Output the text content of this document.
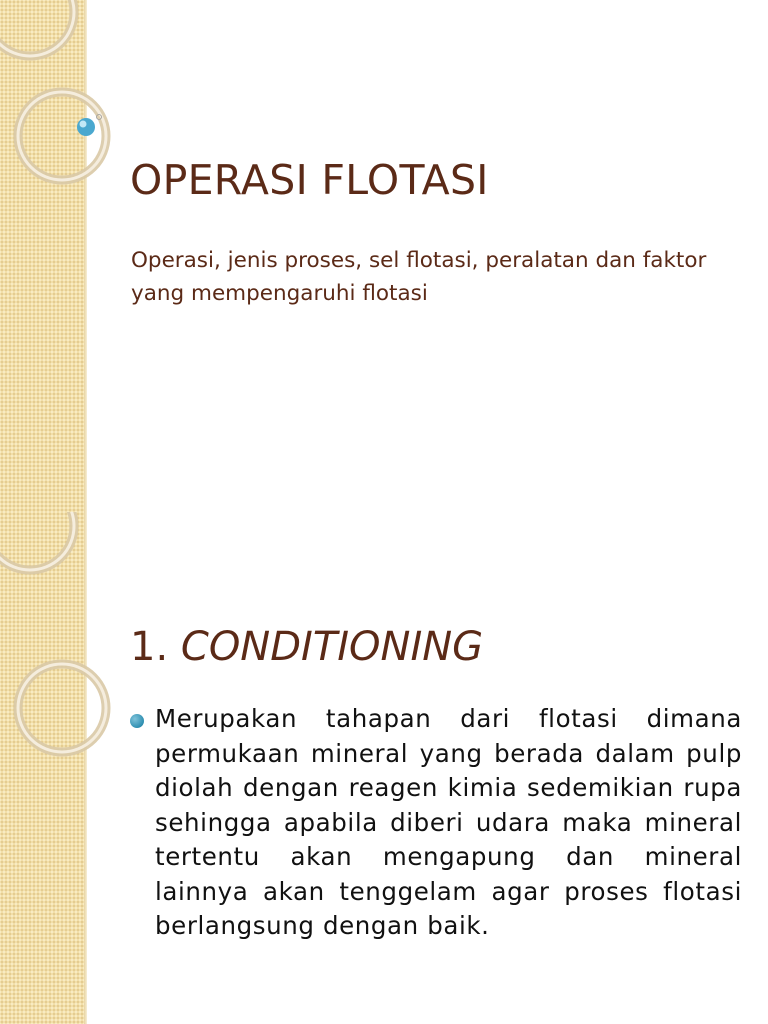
OPERASI FLOTASI

Operasi, jenis proses, sel flotasi, peralatan dan faktor yang mempengaruhi flotasi

1. CONDITIONING

Merupakan tahapan dari flotasi dimana permukaan mineral yang berada dalam pulp diolah dengan reagen kimia sedemikian rupa sehingga apabila diberi udara maka mineral tertentu akan mengapung dan mineral lainnya akan tenggelam agar proses flotasi berlangsung dengan baik.
